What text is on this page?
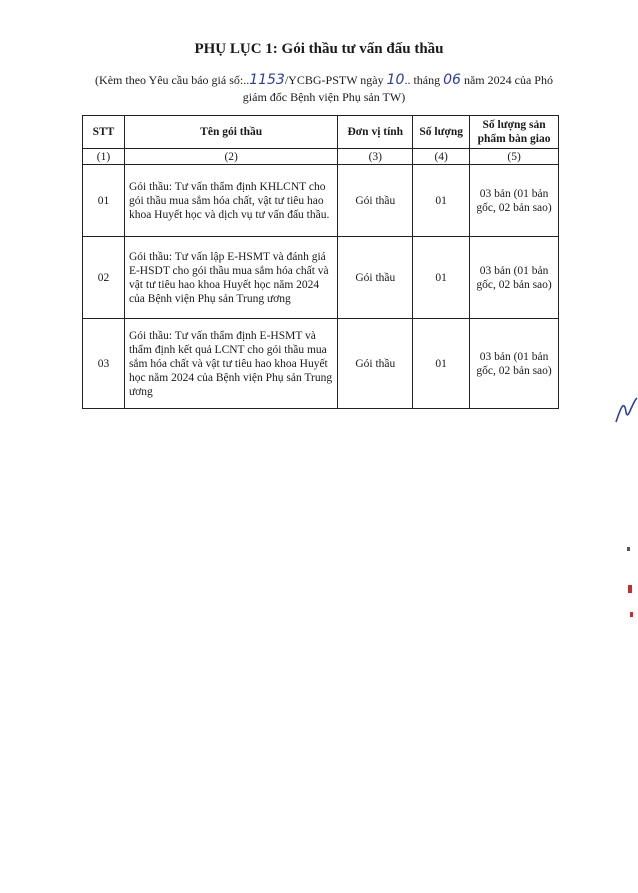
PHỤ LỤC 1: Gói thầu tư vấn đấu thầu
(Kèm theo Yêu cầu báo giá số:..1153/YCBG-PSTW ngày 10.. tháng 06 năm 2024 của Phó giám đốc Bệnh viện Phụ sản TW)
STT	Tên gói thầu	Đơn vị tính	Số lượng	Số lượng sản phẩm bàn giao
(1)	(2)	(3)	(4)	(5)
01	Gói thầu: Tư vấn thẩm định KHLCNT cho gói thầu mua sắm hóa chất, vật tư tiêu hao khoa Huyết học và dịch vụ tư vấn đấu thầu.	Gói thầu	01	03 bản (01 bản gốc, 02 bản sao)
02	Gói thầu: Tư vấn lập E-HSMT và đánh giá E-HSDT cho gói thầu mua sắm hóa chất và vật tư tiêu hao khoa Huyết học năm 2024 của Bệnh viện Phụ sản Trung ương	Gói thầu	01	03 bản (01 bản gốc, 02 bản sao)
03	Gói thầu: Tư vấn thẩm định E-HSMT và thẩm định kết quả LCNT cho gói thầu mua sắm hóa chất và vật tư tiêu hao khoa Huyết học năm 2024 của Bệnh viện Phụ sản Trung ương	Gói thầu	01	03 bản (01 bản gốc, 02 bản sao)
